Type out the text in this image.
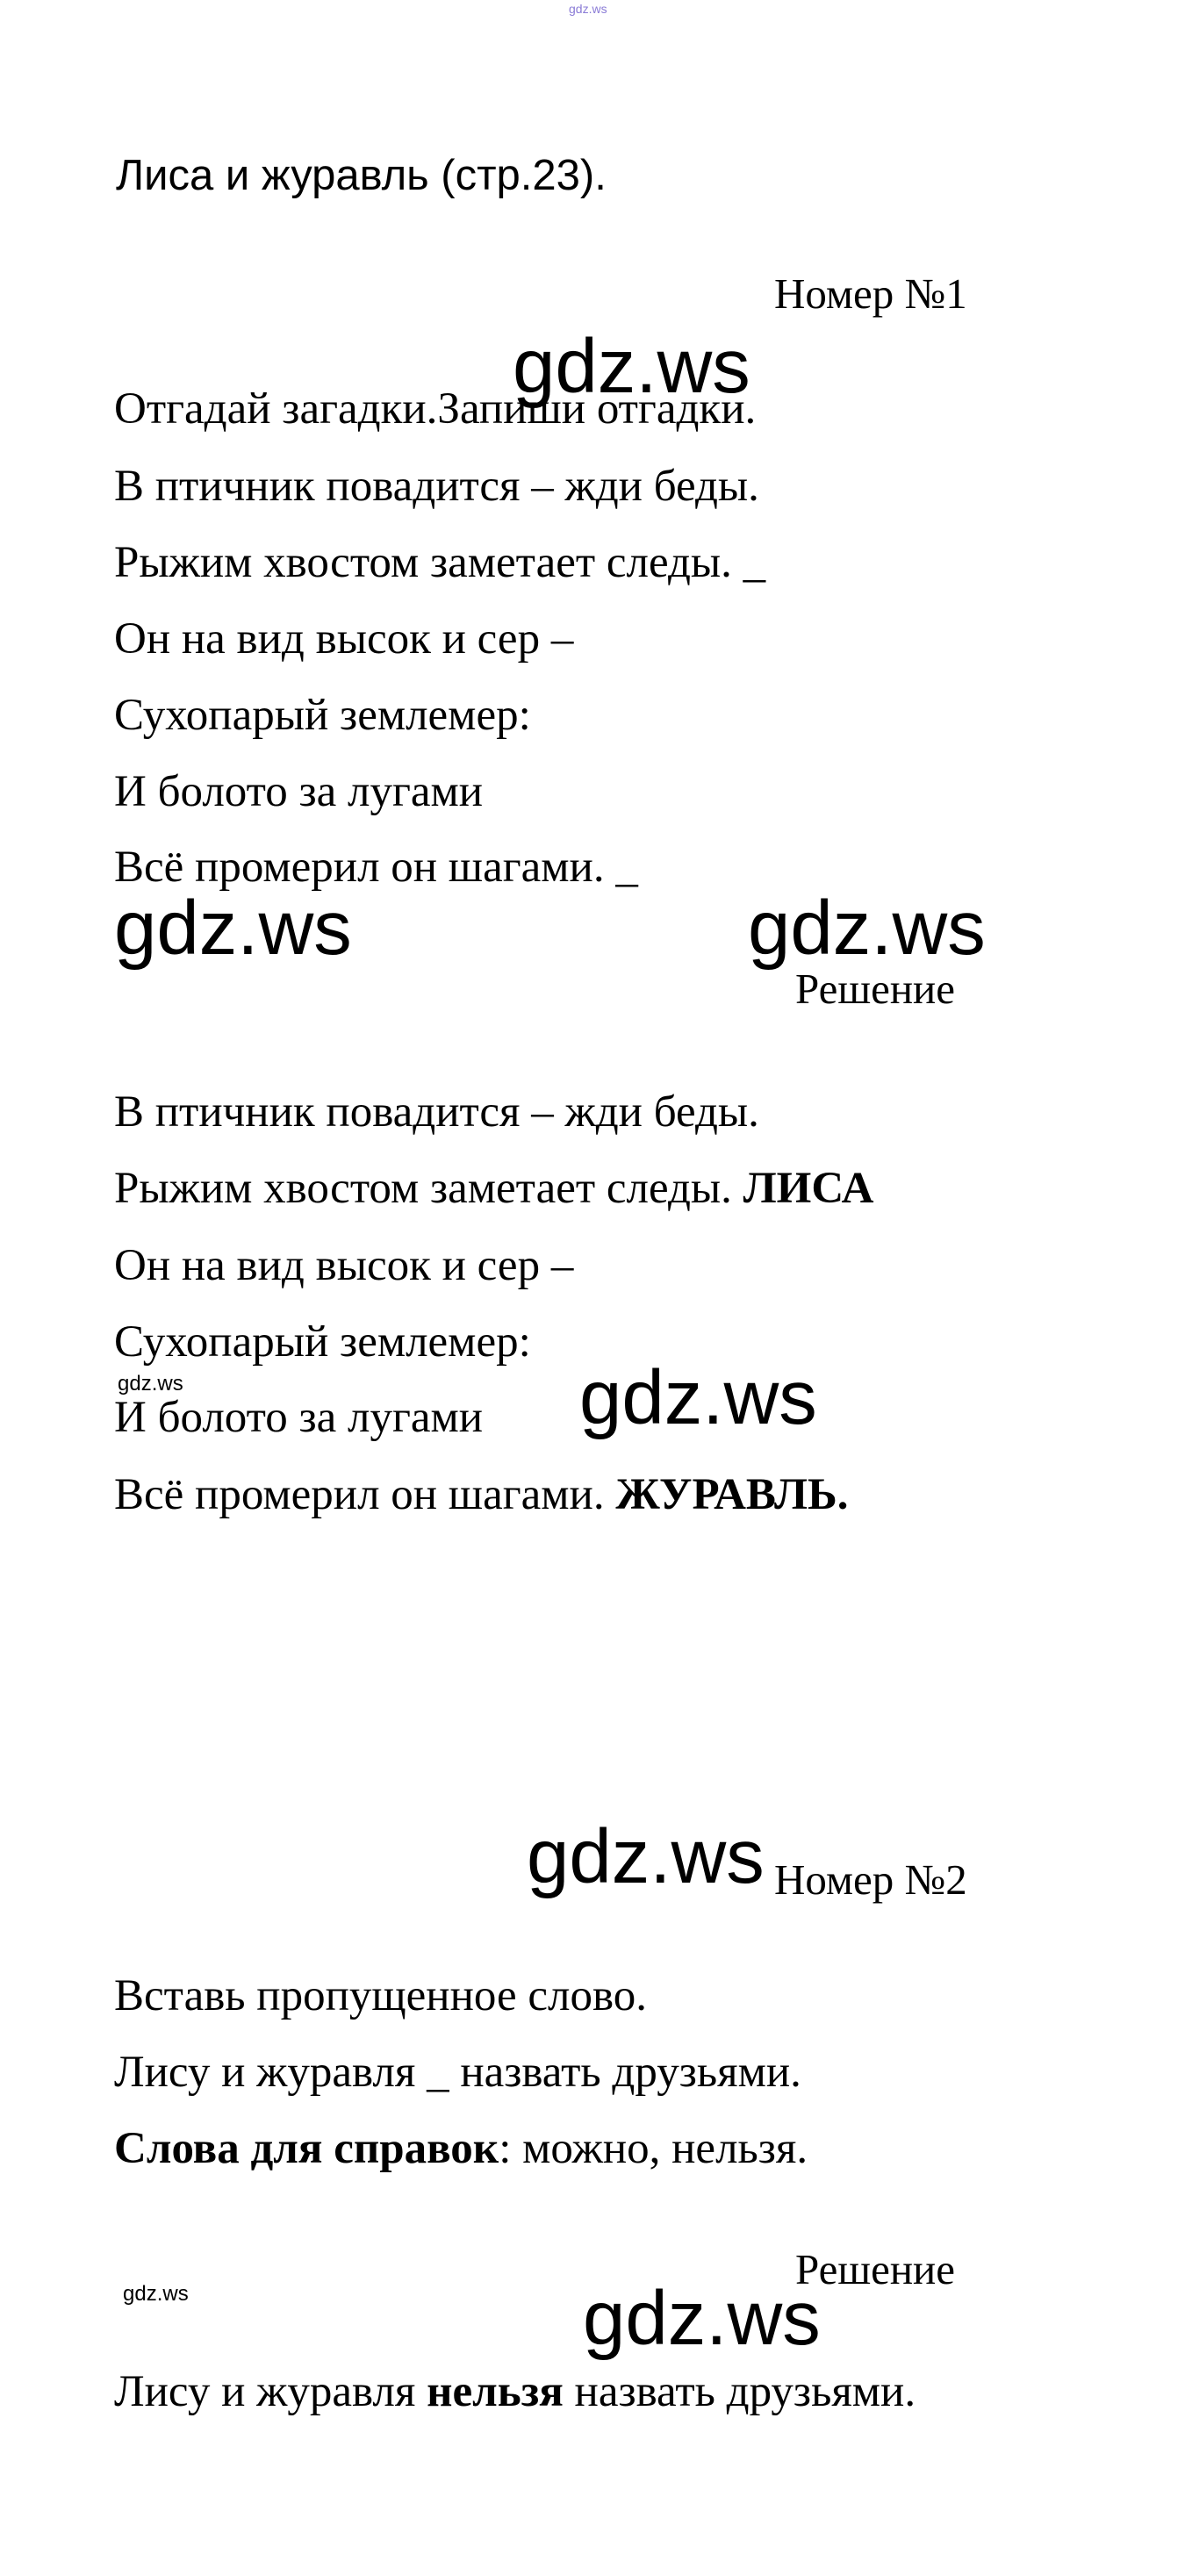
gdz.ws
Лиса и журавль (стр.23).
Номер №1
gdz.ws
Отгадай загадки.Запиши отгадки.
В птичник повадится – жди беды.
Рыжим хвостом заметает следы. _
Он на вид высок и сер –
Сухопарый землемер:
И болото за лугами
Всё промерил он шагами. _
gdz.ws	gdz.ws
Решение
В птичник повадится – жди беды.
Рыжим хвостом заметает следы. ЛИСА
Он на вид высок и сер –
Сухопарый землемер:
gdz.ws
И болото за лугами gdz.ws
Всё промерил он шагами. ЖУРАВЛЬ.
gdz.ws Номер №2
Вставь пропущенное слово.
Лису и журавля _ назвать друзьями.
Слова для справок: можно, нельзя.
Решение
gdz.ws	gdz.ws
Лису и журавля нельзя назвать друзьями.
